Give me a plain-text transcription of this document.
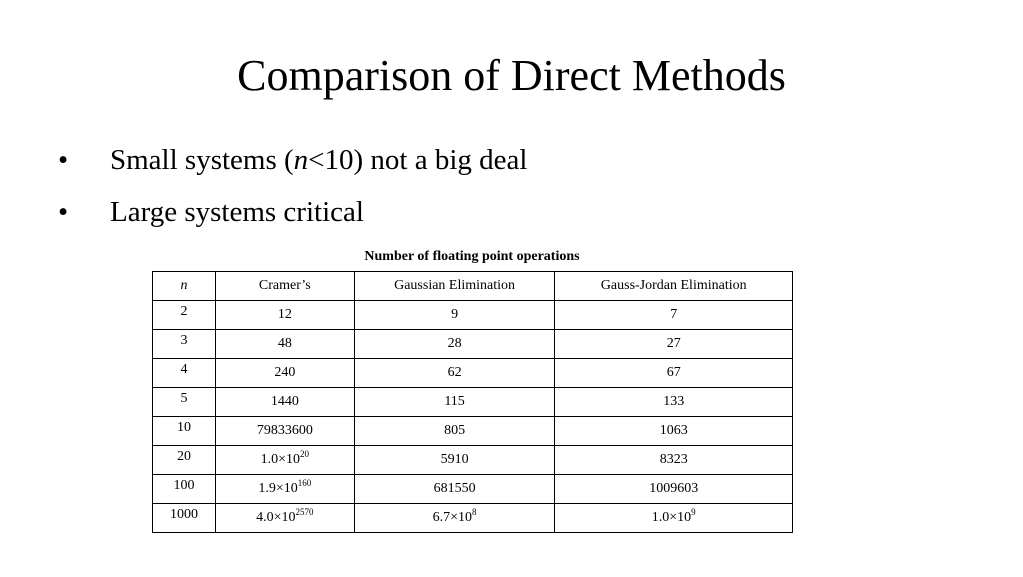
Comparison of Direct Methods
• Small systems (n<10) not a big deal
• Large systems critical
Number of floating point operations
n	Cramer’s	Gaussian Elimination	Gauss-Jordan Elimination
2	12	9	7
3	48	28	27
4	240	62	67
5	1440	115	133
10	79833600	805	1063
20	$1.0\times 10^{20}$	5910	8323
100	$1.9\times 10^{160}$	681550	1009603
1000	$4.0\times 10^{2570}$	$6.7\times 10^8$	$1.0\times 10^9$
